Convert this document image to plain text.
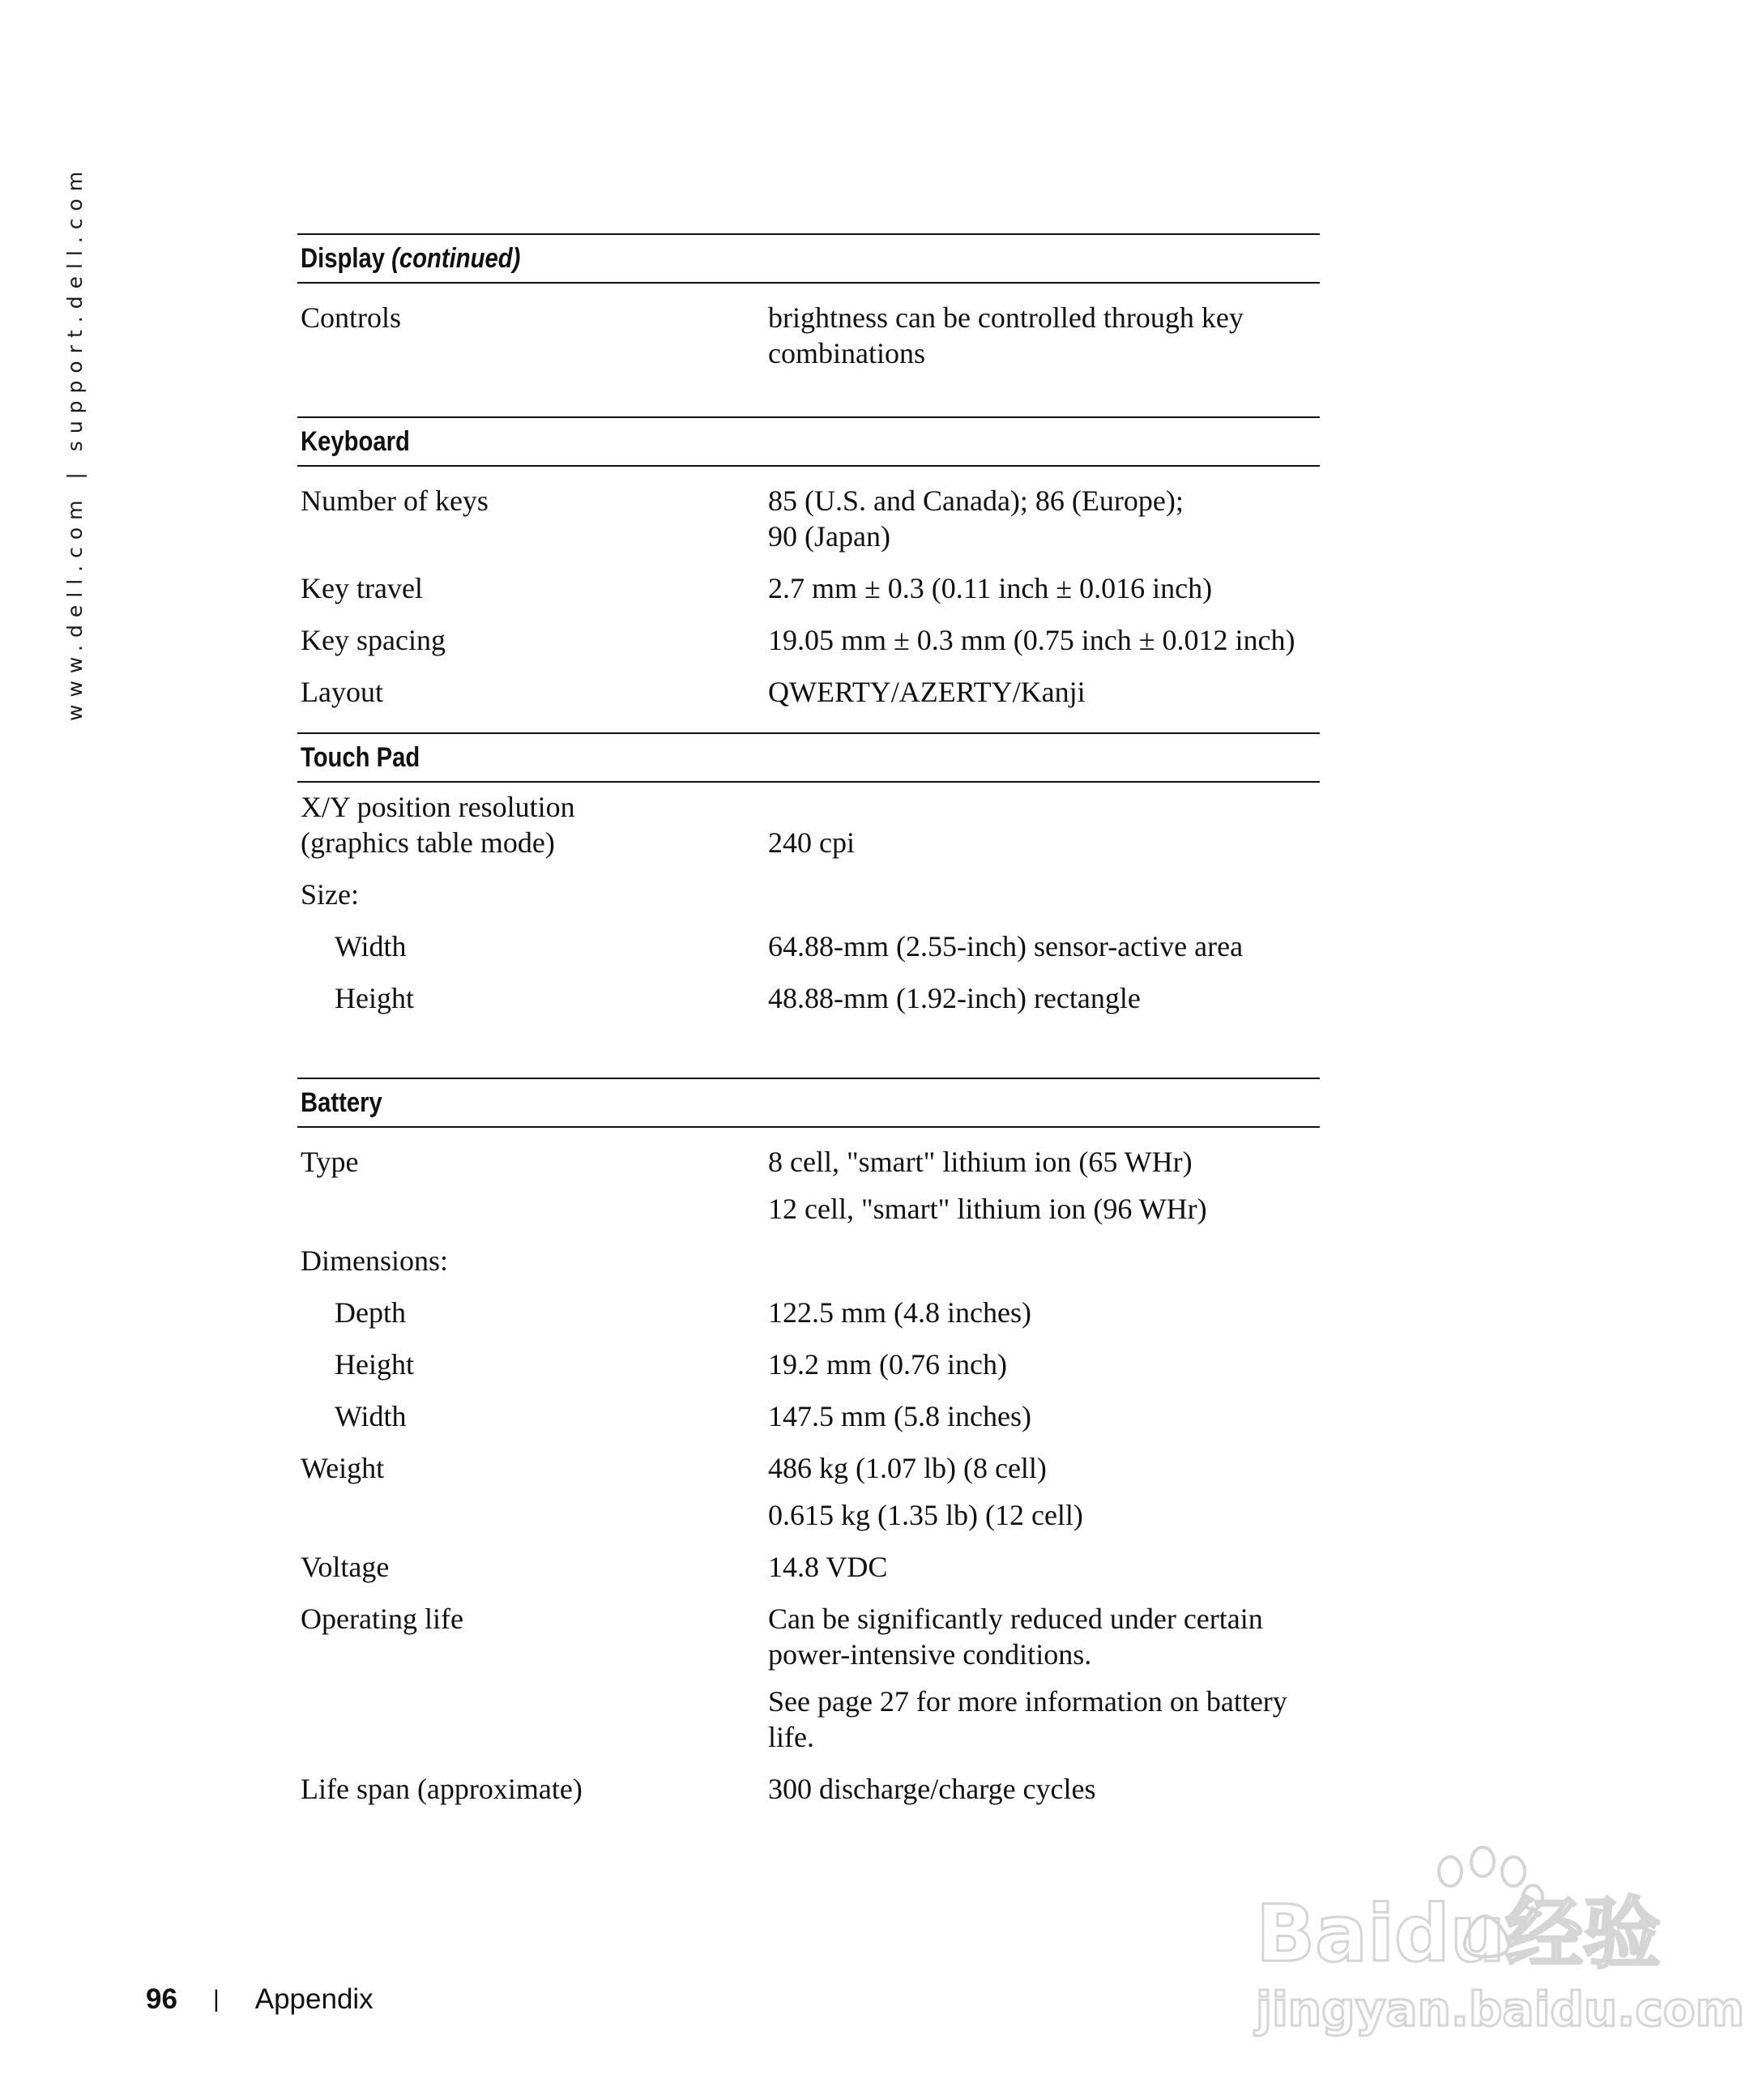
www.dell.com | support.dell.com	Display (continued)
Controls	brightness can be controlled through key combinations
Keyboard
Number of keys	85 (U.S. and Canada); 86 (Europe);
90 (Japan)
Key travel	2.7 mm ± 0.3 (0.11 inch ± 0.016 inch)
Key spacing	19.05 mm ± 0.3 mm (0.75 inch ± 0.012 inch)
Layout	QWERTY/AZERTY/Kanji
Touch Pad
X/Y position resolution
(graphics table mode)	240 cpi
Size:
Width	64.88-mm (2.55-inch) sensor-active area
Height	48.88-mm (1.92-inch) rectangle
Battery
Type	8 cell, "smart" lithium ion (65 WHr)
12 cell, "smart" lithium ion (96 WHr)
Dimensions:
Depth	122.5 mm (4.8 inches)
Height	19.2 mm (0.76 inch)
Width	147.5 mm (5.8 inches)
Weight	486 kg (1.07 lb) (8 cell)
0.615 kg (1.35 lb) (12 cell)
Voltage	14.8 VDC
Operating life	Can be significantly reduced under certain power-intensive conditions.
See page 27 for more information on battery life.
Life span (approximate)	300 discharge/charge cycles
96 | Appendix
Baidu经验
jingyan.baidu.com
